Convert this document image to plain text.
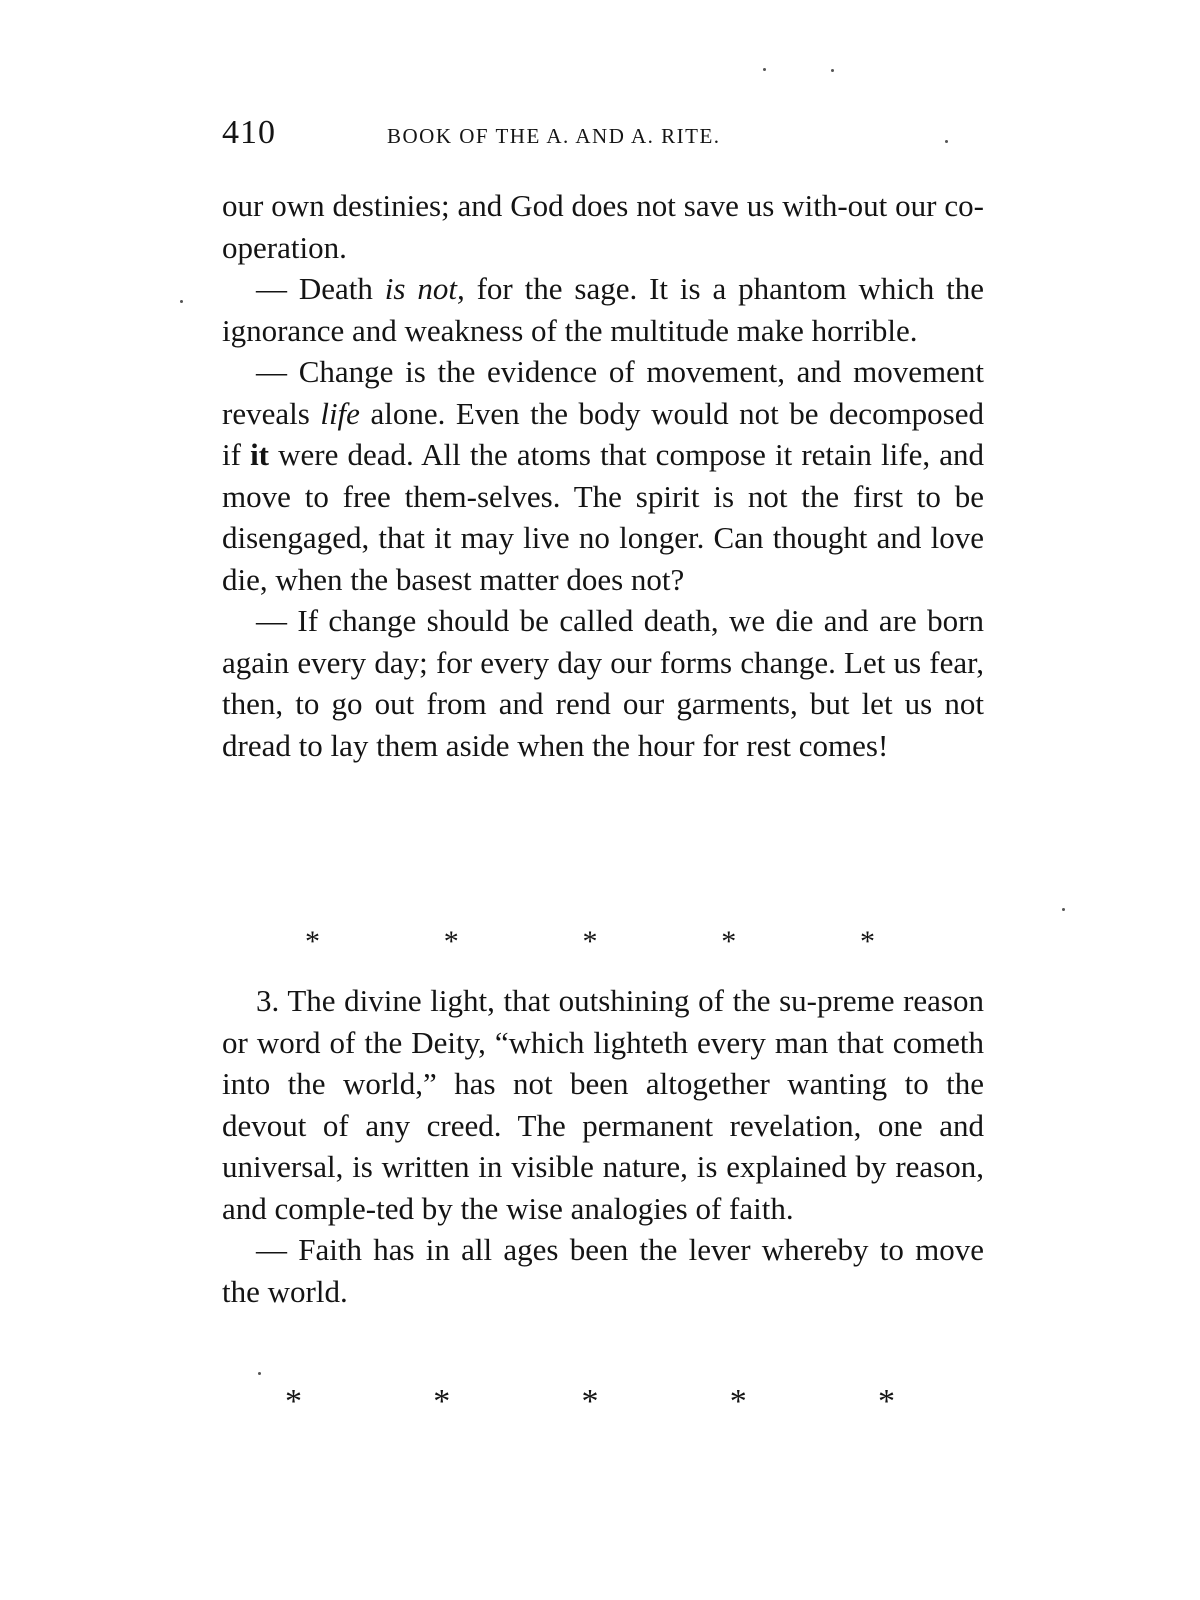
410	BOOK OF THE A. AND A. RITE.

our own destinies; and God does not save us with-out our co-operation.

— Death is not, for the sage. It is a phantom which the ignorance and weakness of the multitude make horrible.

— Change is the evidence of movement, and movement reveals life alone. Even the body would not be decomposed if it were dead. All the atoms that compose it retain life, and move to free them-selves. The spirit is not the first to be disengaged, that it may live no longer. Can thought and love die, when the basest matter does not?

— If change should be called death, we die and are born again every day; for every day our forms change. Let us fear, then, to go out from and rend our garments, but let us not dread to lay them aside when the hour for rest comes!

*	*	*	*	*

3. The divine light, that outshining of the su-preme reason or word of the Deity, “which lighteth every man that cometh into the world,” has not been altogether wanting to the devout of any creed. The permanent revelation, one and universal, is written in visible nature, is explained by reason, and comple-ted by the wise analogies of faith.

— Faith has in all ages been the lever whereby to move the world.

*	*	*	*	*
